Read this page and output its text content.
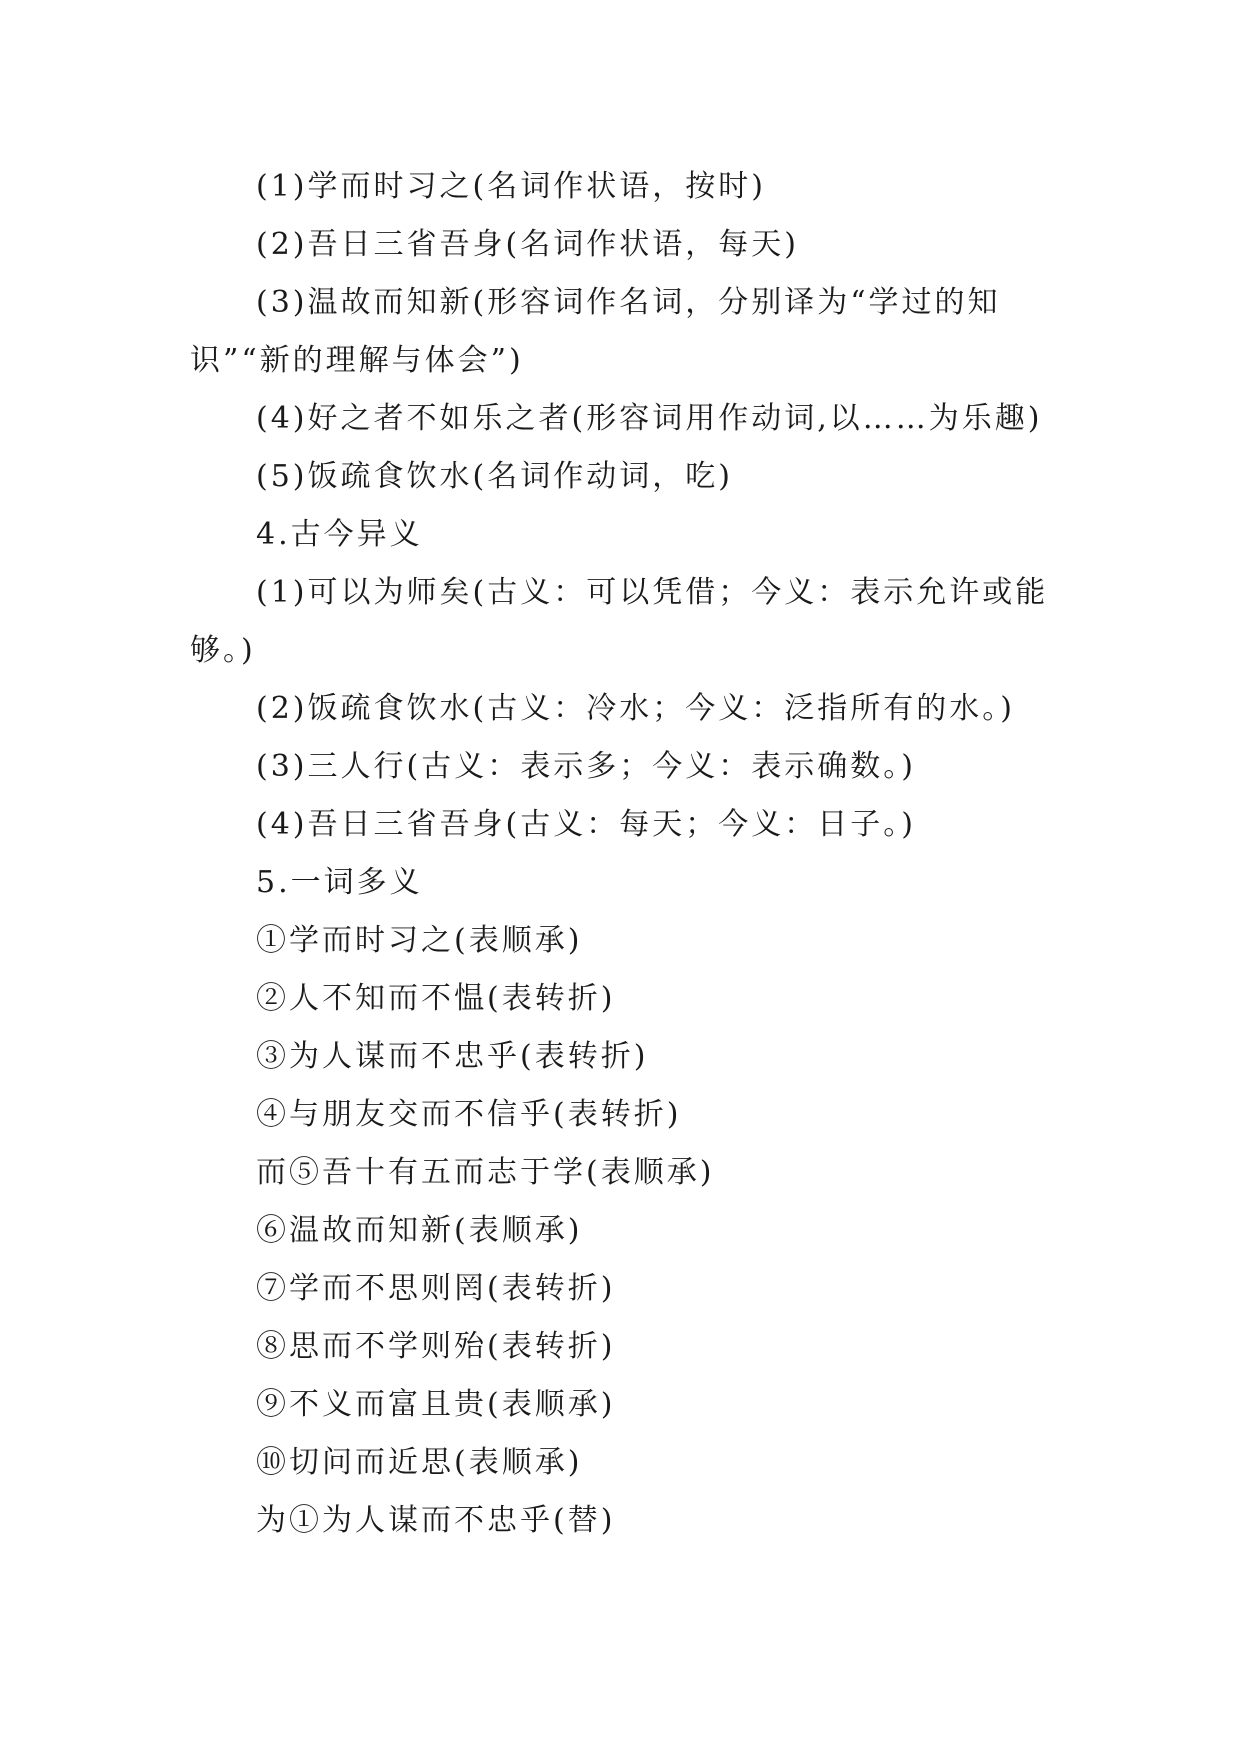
(1)学而时习之(名词作状语，按时)

(2)吾日三省吾身(名词作状语，每天)

(3)温故而知新(形容词作名词，分别译为“学过的知识”“新的理解与体会”)

(4)好之者不如乐之者(形容词用作动词,以……为乐趣)

(5)饭疏食饮水(名词作动词，吃)

4.古今异义

(1)可以为师矣(古义：可以凭借；今义：表示允许或能够。)

(2)饭疏食饮水(古义：冷水；今义：泛指所有的水。)

(3)三人行(古义：表示多；今义：表示确数。)

(4)吾日三省吾身(古义：每天；今义：日子。)

5.一词多义

①学而时习之(表顺承)

②人不知而不愠(表转折)

③为人谋而不忠乎(表转折)

④与朋友交而不信乎(表转折)

而⑤吾十有五而志于学(表顺承)

⑥温故而知新(表顺承)

⑦学而不思则罔(表转折)

⑧思而不学则殆(表转折)

⑨不义而富且贵(表顺承)

⑩切问而近思(表顺承)

为①为人谋而不忠乎(替)
